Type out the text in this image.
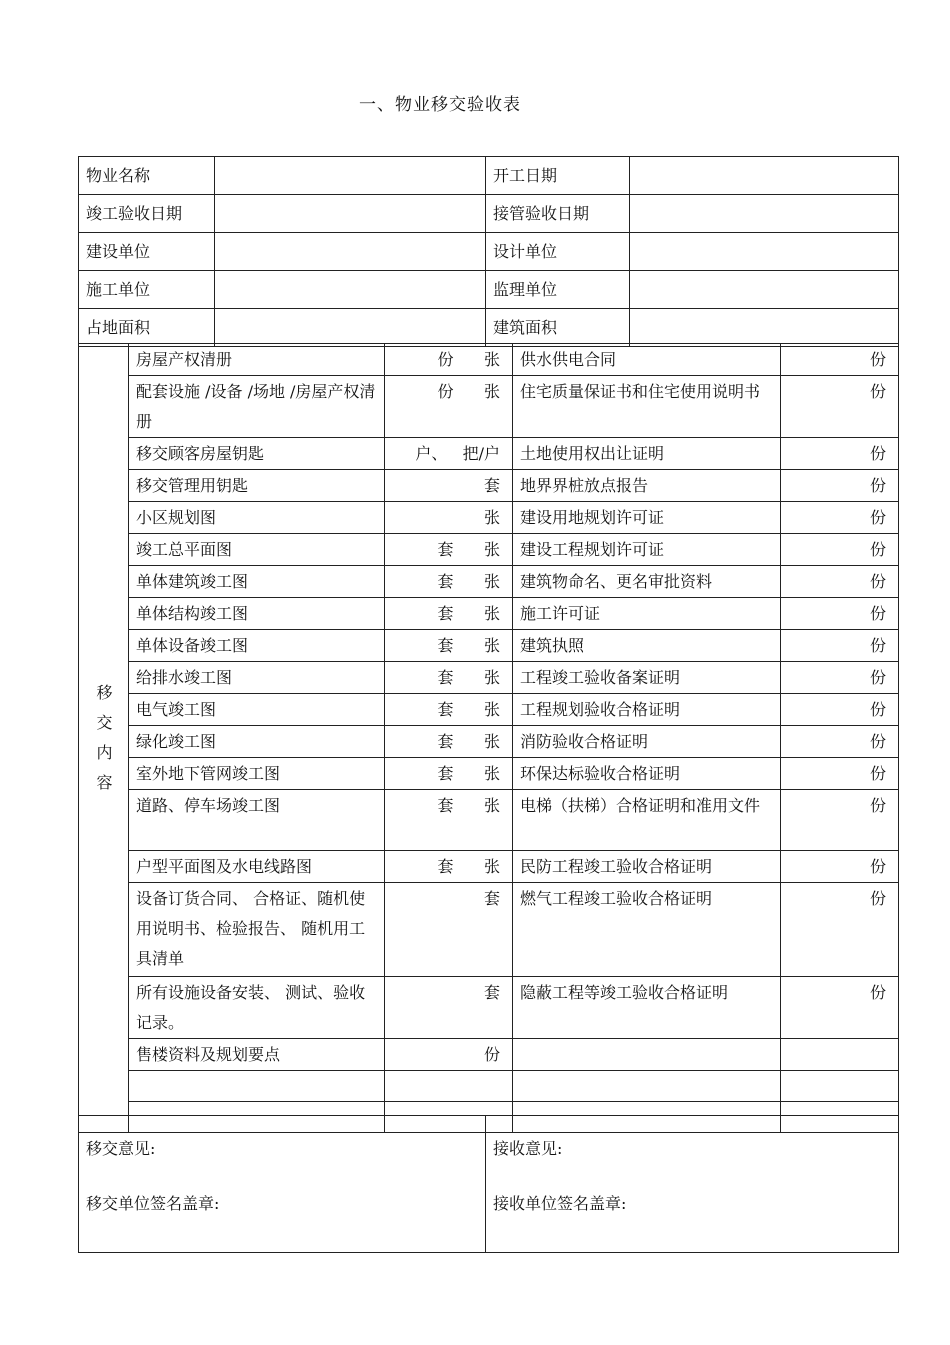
一、物业移交验收表
物业名称		开工日期	
竣工验收日期		接管验收日期	
建设单位		设计单位	
施工单位		监理单位	
占地面积		建筑面积	
移交内容	房屋产权清册	份      张	供水供电合同	份
	配套设施 /设备 /场地 /房屋产权清册	份      张	住宅质量保证书和住宅使用说明书	份
	移交顾客房屋钥匙	户、   把/户	土地使用权出让证明	份
	移交管理用钥匙	套	地界界桩放点报告	份
	小区规划图	张	建设用地规划许可证	份
	竣工总平面图	套      张	建设工程规划许可证	份
	单体建筑竣工图	套      张	建筑物命名、更名审批资料	份
	单体结构竣工图	套      张	施工许可证	份
	单体设备竣工图	套      张	建筑执照	份
	给排水竣工图	套      张	工程竣工验收备案证明	份
	电气竣工图	套      张	工程规划验收合格证明	份
	绿化竣工图	套      张	消防验收合格证明	份
	室外地下管网竣工图	套      张	环保达标验收合格证明	份
	道路、停车场竣工图	套      张	电梯（扶梯）合格证明和准用文件	份
	户型平面图及水电线路图	套      张	民防工程竣工验收合格证明	份
	设备订货合同、 合格证、随机使用说明书、检验报告、 随机用工具清单	套	燃气工程竣工验收合格证明	份
	所有设施设备安装、 测试、验收记录。	套	隐蔽工程等竣工验收合格证明	份
	售楼资料及规划要点	份		

移交意见:
移交单位签名盖章:

接收意见:
接收单位签名盖章:
